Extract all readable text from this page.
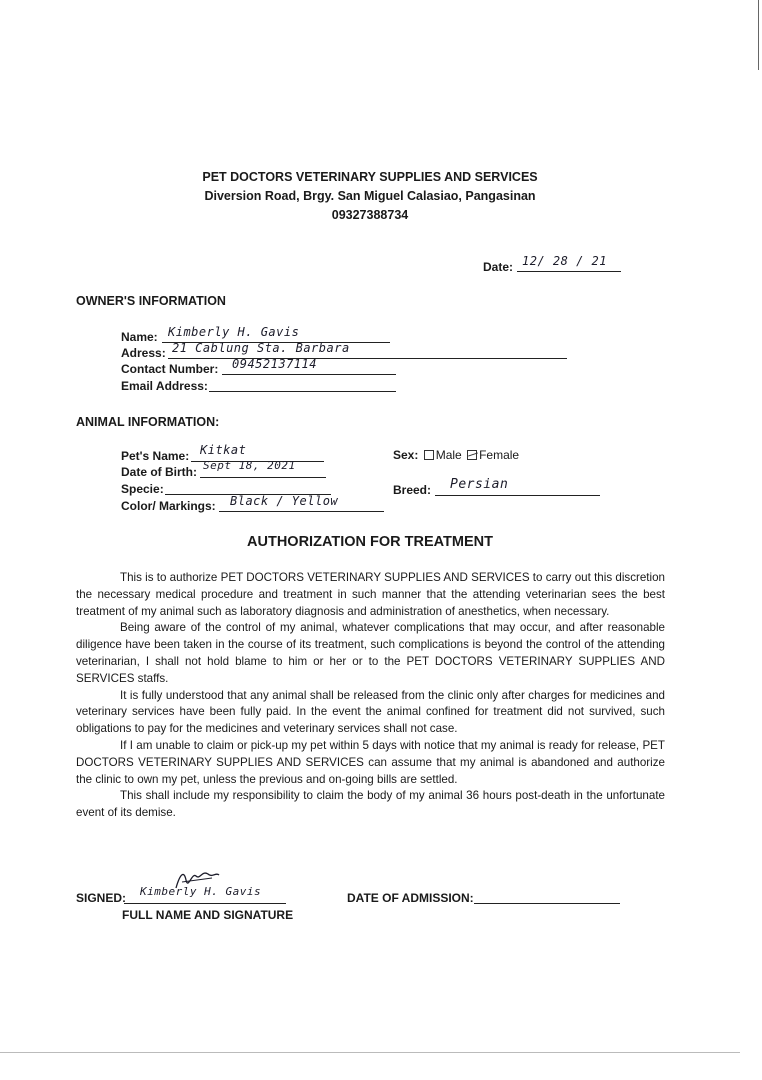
PET DOCTORS VETERINARY SUPPLIES AND SERVICES
Diversion Road, Brgy. San Miguel Calasiao, Pangasinan
09327388734
Date: 12/ 28 / 21
OWNER'S INFORMATION
Name: Kimberly H. Gavis
Adress: 21 Cablung Sta. Barbara
Contact Number: 09452137114
Email Address:
ANIMAL INFORMATION:
Pet's Name: Kitkat
Date of Birth: Sept 18, 2021
Specie:
Color/ Markings: Black / Yellow
Sex: Male Female
Breed: Persian
AUTHORIZATION FOR TREATMENT

This is to authorize PET DOCTORS VETERINARY SUPPLIES AND SERVICES to carry out this discretion the necessary medical procedure and treatment in such manner that the attending veterinarian sees the best treatment of my animal such as laboratory diagnosis and administration of anesthetics, when necessary.

Being aware of the control of my animal, whatever complications that may occur, and after reasonable diligence have been taken in the course of its treatment, such complications is beyond the control of the attending veterinarian, I shall not hold blame to him or her or to the PET DOCTORS VETERINARY SUPPLIES AND SERVICES staffs.

It is fully understood that any animal shall be released from the clinic only after charges for medicines and veterinary services have been fully paid. In the event the animal confined for treatment did not survived, such obligations to pay for the medicines and veterinary services shall not case.

If I am unable to claim or pick-up my pet within 5 days with notice that my animal is ready for release, PET DOCTORS VETERINARY SUPPLIES AND SERVICES can assume that my animal is abandoned and authorize the clinic to own my pet, unless the previous and on-going bills are settled.

This shall include my responsibility to claim the body of my animal 36 hours post-death in the unfortunate event of its demise.

SIGNED: Kimberly H. Gavis
FULL NAME AND SIGNATURE
DATE OF ADMISSION:
